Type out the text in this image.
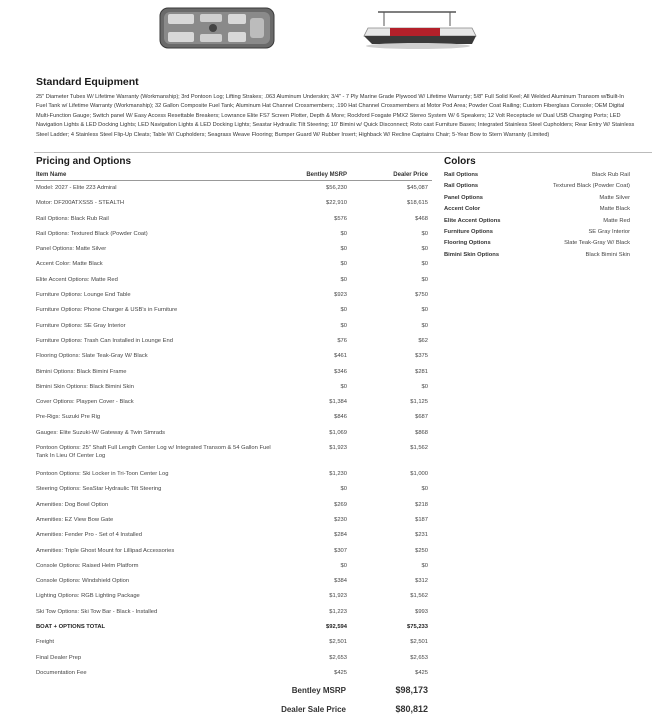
Standard Equipment
25" Diameter Tubes W/ Lifetime Warranty (Workmanship); 3rd Pontoon Log; Lifting Strakes; .063 Aluminum Underskin; 3/4" - 7 Ply Marine Grade Plywood W/ Lifetime Warranty; 5/8" Full Solid Keel; All Welded Aluminum Transom w/Built-In Fuel Tank w/ Lifetime Warranty (Workmanship); 32 Gallon Composite Fuel Tank; Aluminum Hat Channel Crossmembers; .190 Hat Channel Crossmembers at Motor Pod Area; Powder Coat Railing; Custom Fiberglass Console; OEM Digital Multi-Function Gauge; Switch panel W/ Easy Access Resettable Breakers; Lowrance Elite FS7 Screen Plotter, Depth & More; Rockford Fosgate PMX2 Stereo System W/ 6 Speakers; 12 Volt Receptacle w/ Dual USB Charging Ports; LED Navigation Lights & LED Docking Lights; LED Navigation Lights & LED Docking Lights; Seastar Hydraulic Tilt Steering; 10' Bimini w/ Quick Disconnect; Roto cast Furniture Bases; Integrated Stainless Steel Cupholders; Rear Entry W/ Stainless Steel Ladder; 4 Stainless Steel Flip-Up Cleats; Table W/ Cupholders; Seagrass Weave Flooring; Bumper Guard W/ Rubber Insert; Highback W/ Recline Captains Chair; 5-Year Bow to Stern Warranty (Limited)
Pricing and Options	Colors
Item Name	Bentley MSRP	Dealer Price
Model: 2027 - Elite 223 Admiral	$56,230	$45,087
Motor: DF200ATXSS5 - STEALTH	$22,910	$18,615
Rail Options: Black Rub Rail	$576	$468
Rail Options: Textured Black (Powder Coat)	$0	$0
Panel Options: Matte Silver	$0	$0
Accent Color: Matte Black	$0	$0
Elite Accent Options: Matte Red	$0	$0
Furniture Options: Lounge End Table	$923	$750
Furniture Options: Phone Charger & USB's in Furniture	$0	$0
Furniture Options: SE Gray Interior	$0	$0
Furniture Options: Trash Can Installed in Lounge End	$76	$62
Flooring Options: Slate Teak-Gray W/ Black	$461	$375
Bimini Options: Black Bimini Frame	$346	$281
Bimini Skin Options: Black Bimini Skin	$0	$0
Cover Options: Playpen Cover - Black	$1,384	$1,125
Pre-Rigs: Suzuki Pre Rig	$846	$687
Gauges: Elite Suzuki-W/ Gateway & Twin Simrads	$1,069	$868
Pontoon Options: 25" Shaft Full Length Center Log w/ Integrated Transom & 54 Gallon Fuel Tank In Lieu Of Center Log
$1,923	$1,562
Pontoon Options: Ski Locker in Tri-Toon Center Log	$1,230	$1,000
Steering Options: SeaStar Hydraulic Tilt Steering	$0	$0
Amenities: Dog Bowl Option	$269	$218
Amenities: EZ View Bow Gate	$230	$187
Amenities: Fender Pro - Set of 4 Installed	$284	$231
Amenities: Triple Ghost Mount for Lillipad Accessories	$307	$250
Console Options: Raised Helm Platform	$0	$0
Console Options: Windshield Option	$384	$312
Lighting Options: RGB Lighting Package	$1,923	$1,562
Ski Tow Options: Ski Tow Bar - Black - Installed	$1,223	$993
BOAT + OPTIONS TOTAL	$92,594	$75,233
Freight	$2,501	$2,501
Final Dealer Prep	$2,653	$2,653
Documentation Fee	$425	$425
Rail Options	Black Rub Rail
Rail Options	Textured Black (Powder Coat)
Panel Options	Matte Silver
Accent Color	Matte Black
Elite Accent Options	Matte Red
Furniture Options	SE Gray Interior
Flooring Options	Slate Teak-Gray W/ Black
Bimini Skin Options	Black Bimini Skin
Bentley MSRP	$98,173
Dealer Sale Price	$80,812
